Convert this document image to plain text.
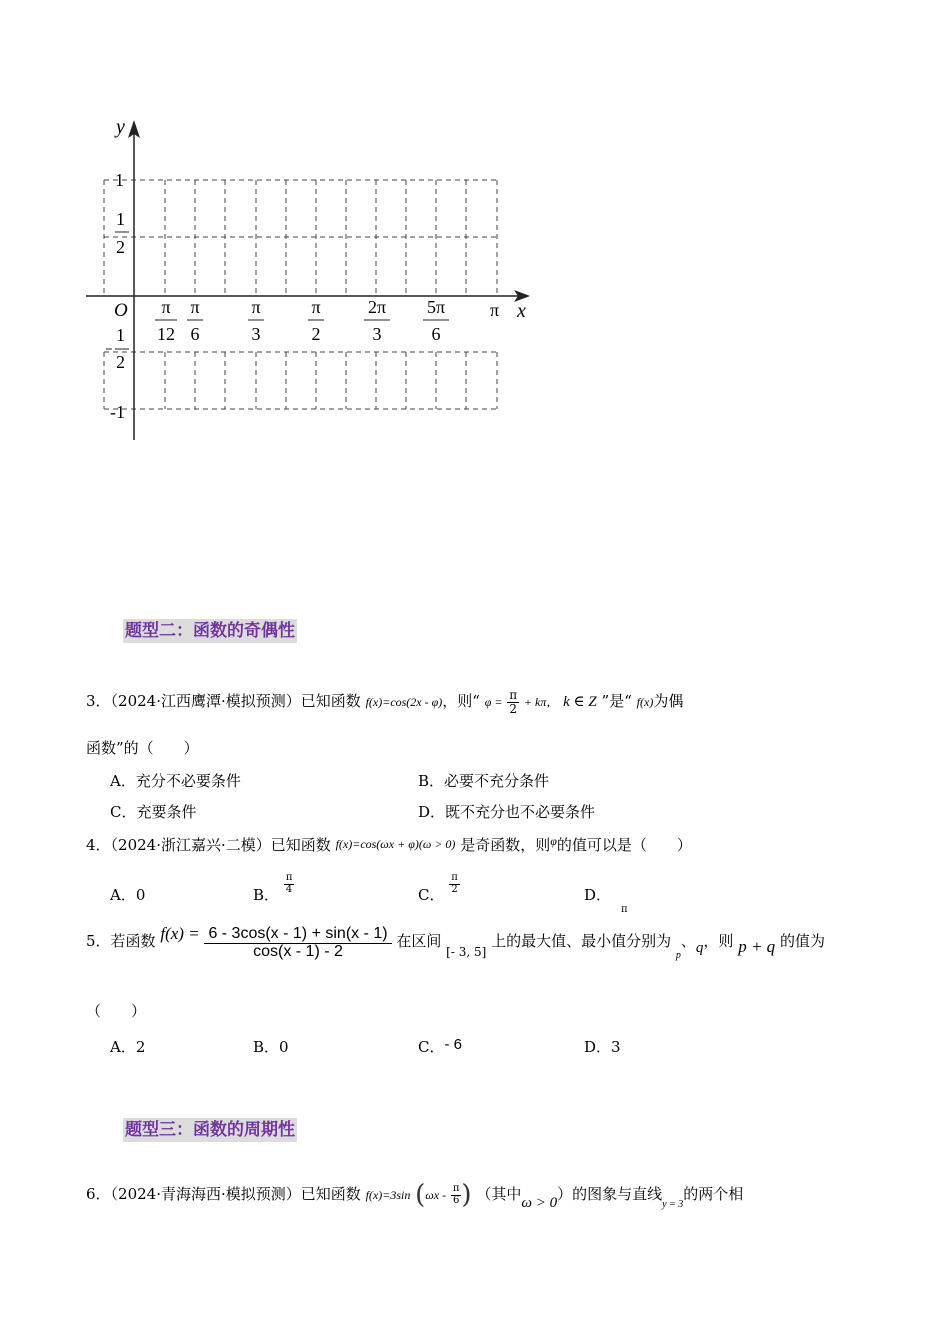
y
x
O
1
1
2
1
2
-1
π
12
π
6
π
3
π
2
2π
3
5π
6
π
题型二：函数的奇偶性
3．（2024·江西鹰潭·模拟预测）已知函数 f(x)=cos(2x - φ)，则“ $\varphi = \frac{\pi}{2} + k\pi$， k ∈ Z ”是“ f(x)为偶
函数”的（　　）
A．充分不必要条件	B．必要不充分条件
C．充要条件	D．既不充分也不必要条件
4．（2024·浙江嘉兴·二模）已知函数 f(x)=cos(ωx + φ)(ω > 0) 是奇函数，则$^\varphi$的值可以是（　　）
A．0	B． $\frac{\pi}{4}$	C． $\frac{\pi}{2}$	D．$_\pi$
5．若函数 $f(x) = \frac{6 - 3\cos(x - 1) + \sin(x - 1)}{\cos(x - 1) - 2}$ 在区间 $_{[- 3, 5]}$ 上的最大值、最小值分别为 $_p$、q，则 p + q 的值为
（　　）
A．2	B．0	C．- 6	D．3
题型三：函数的周期性
6．（2024·青海海西·模拟预测）已知函数 f(x)=3sin ($\omega x - \frac{\pi}{6}$ ) （其中ω > 0）的图象与直线$_{y = 3}$的两个相
